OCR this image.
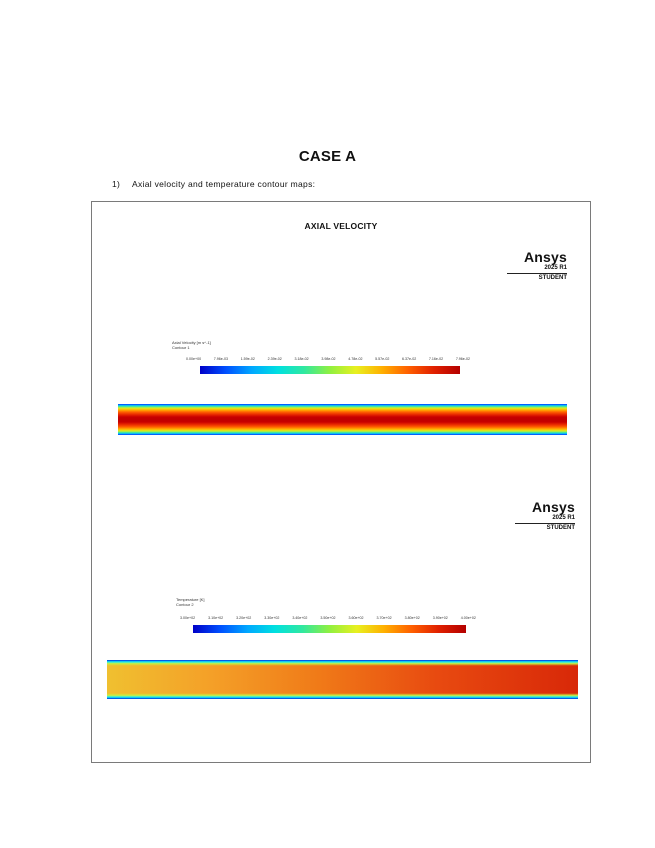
CASE A
1) Axial velocity and temperature contour maps:
AXIAL VELOCITY
Ansys
2025 R1
STUDENT
Axial Velocity [m s^-1]
Contour 1
0.00e+00	7.96e-03	1.59e-02	2.39e-02	3.18e-02	3.98e-02	4.78e-02	5.57e-02	6.37e-02	7.16e-02	7.96e-02
Ansys
2025 R1
STUDENT
Temperature [K]
Contour 2
3.00e+02	3.10e+02	3.20e+02	3.30e+02	3.40e+02	3.50e+02	3.60e+02	3.70e+02	3.80e+02	3.90e+02	4.00e+02
